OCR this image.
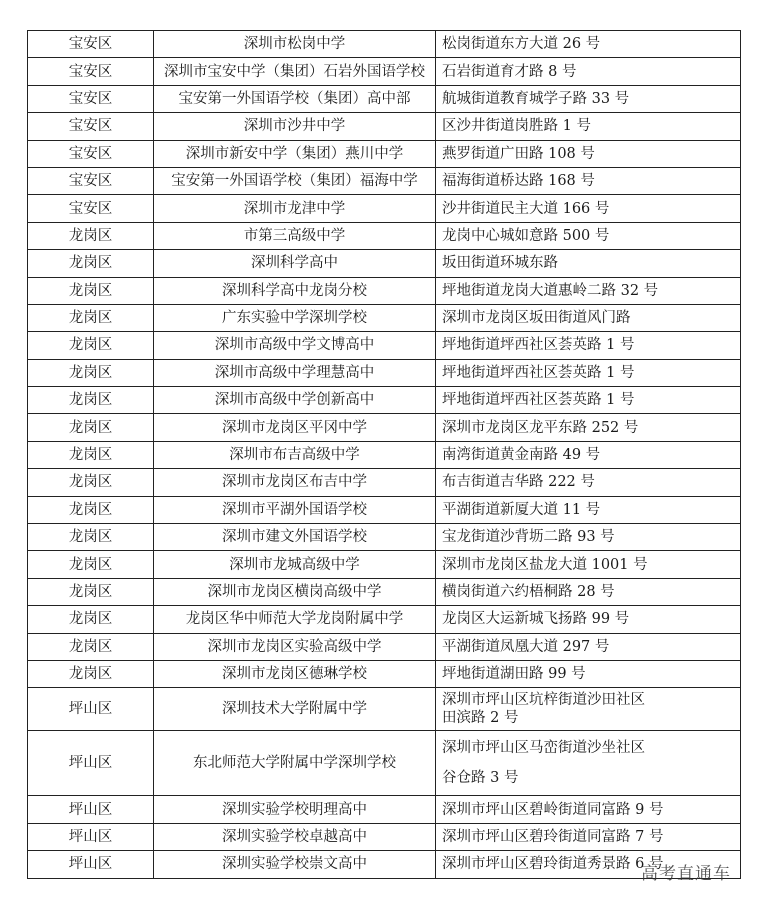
宝安区	深圳市松岗中学	松岗街道东方大道 26 号
宝安区	深圳市宝安中学（集团）石岩外国语学校	石岩街道育才路 8 号
宝安区	宝安第一外国语学校（集团）高中部	航城街道教育城学子路 33 号
宝安区	深圳市沙井中学	区沙井街道岗胜路 1 号
宝安区	深圳市新安中学（集团）燕川中学	燕罗街道广田路 108 号
宝安区	宝安第一外国语学校（集团）福海中学	福海街道桥达路 168 号
宝安区	深圳市龙津中学	沙井街道民主大道 166 号
龙岗区	市第三高级中学	龙岗中心城如意路 500 号
龙岗区	深圳科学高中	坂田街道环城东路
龙岗区	深圳科学高中龙岗分校	坪地街道龙岗大道惠岭二路 32 号
龙岗区	广东实验中学深圳学校	深圳市龙岗区坂田街道风门路
龙岗区	深圳市高级中学文博高中	坪地街道坪西社区荟英路 1 号
龙岗区	深圳市高级中学理慧高中	坪地街道坪西社区荟英路 1 号
龙岗区	深圳市高级中学创新高中	坪地街道坪西社区荟英路 1 号
龙岗区	深圳市龙岗区平冈中学	深圳市龙岗区龙平东路 252 号
龙岗区	深圳市布吉高级中学	南湾街道黄金南路 49 号
龙岗区	深圳市龙岗区布吉中学	布吉街道吉华路 222 号
龙岗区	深圳市平湖外国语学校	平湖街道新厦大道 11 号
龙岗区	深圳市建文外国语学校	宝龙街道沙背坜二路 93 号
龙岗区	深圳市龙城高级中学	深圳市龙岗区盐龙大道 1001 号
龙岗区	深圳市龙岗区横岗高级中学	横岗街道六约梧桐路 28 号
龙岗区	龙岗区华中师范大学龙岗附属中学	龙岗区大运新城飞扬路 99 号
龙岗区	深圳市龙岗区实验高级中学	平湖街道凤凰大道 297 号
龙岗区	深圳市龙岗区德琳学校	坪地街道湖田路 99 号
坪山区	深圳技术大学附属中学	深圳市坪山区坑梓街道沙田社区
田滨路 2 号
坪山区	东北师范大学附属中学深圳学校	深圳市坪山区马峦街道沙坐社区
谷仓路 3 号
坪山区	深圳实验学校明理高中	深圳市坪山区碧岭街道同富路 9 号
坪山区	深圳实验学校卓越高中	深圳市坪山区碧玲街道同富路 7 号
坪山区	深圳实验学校崇文高中	深圳市坪山区碧玲街道秀景路 6 号
高考直通车
